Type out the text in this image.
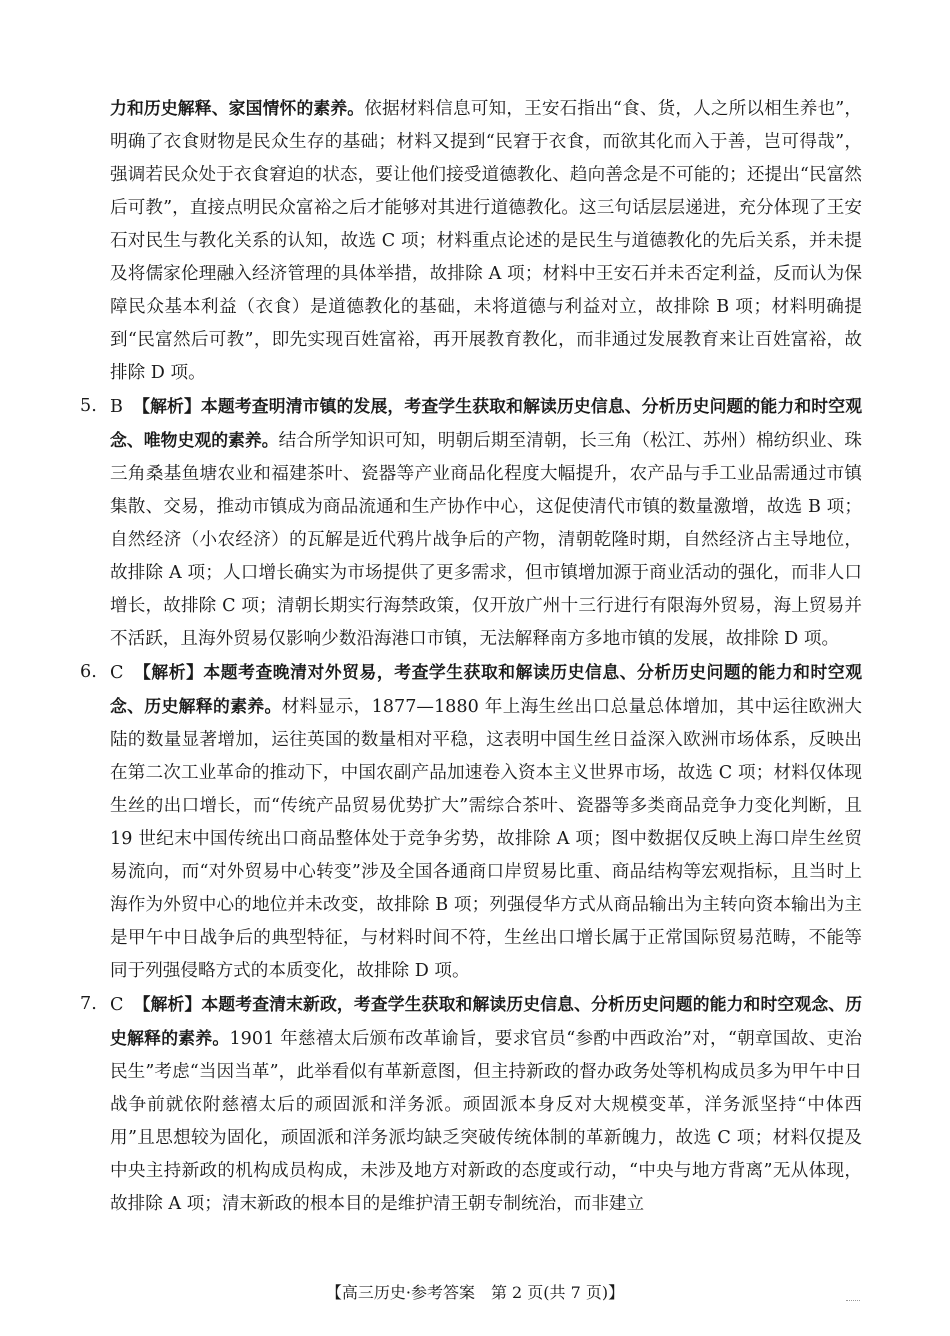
力和历史解释、家国情怀的素养。依据材料信息可知，王安石指出“食、货，人之所以相生养也”，明确了衣食财物是民众生存的基础；材料又提到“民窘于衣食，而欲其化而入于善，岂可得哉”，强调若民众处于衣食窘迫的状态，要让他们接受道德教化、趋向善念是不可能的；还提出“民富然后可教”，直接点明民众富裕之后才能够对其进行道德教化。这三句话层层递进，充分体现了王安石对民生与教化关系的认知，故选 C 项；材料重点论述的是民生与道德教化的先后关系，并未提及将儒家伦理融入经济管理的具体举措，故排除 A 项；材料中王安石并未否定利益，反而认为保障民众基本利益（衣食）是道德教化的基础，未将道德与利益对立，故排除 B 项；材料明确提到“民富然后可教”，即先实现百姓富裕，再开展教育教化，而非通过发展教育来让百姓富裕，故排除 D 项。

5. B 【解析】本题考查明清市镇的发展，考查学生获取和解读历史信息、分析历史问题的能力和时空观念、唯物史观的素养。结合所学知识可知，明朝后期至清朝，长三角（松江、苏州）棉纺织业、珠三角桑基鱼塘农业和福建茶叶、瓷器等产业商品化程度大幅提升，农产品与手工业品需通过市镇集散、交易，推动市镇成为商品流通和生产协作中心，这促使清代市镇的数量激增，故选 B 项；自然经济（小农经济）的瓦解是近代鸦片战争后的产物，清朝乾隆时期，自然经济占主导地位，故排除 A 项；人口增长确实为市场提供了更多需求，但市镇增加源于商业活动的强化，而非人口增长，故排除 C 项；清朝长期实行海禁政策，仅开放广州十三行进行有限海外贸易，海上贸易并不活跃，且海外贸易仅影响少数沿海港口市镇，无法解释南方多地市镇的发展，故排除 D 项。

6. C 【解析】本题考查晚清对外贸易，考查学生获取和解读历史信息、分析历史问题的能力和时空观念、历史解释的素养。材料显示，1877—1880 年上海生丝出口总量总体增加，其中运往欧洲大陆的数量显著增加，运往英国的数量相对平稳，这表明中国生丝日益深入欧洲市场体系，反映出在第二次工业革命的推动下，中国农副产品加速卷入资本主义世界市场，故选 C 项；材料仅体现生丝的出口增长，而“传统产品贸易优势扩大”需综合茶叶、瓷器等多类商品竞争力变化判断，且 19 世纪末中国传统出口商品整体处于竞争劣势，故排除 A 项；图中数据仅反映上海口岸生丝贸易流向，而“对外贸易中心转变”涉及全国各通商口岸贸易比重、商品结构等宏观指标，且当时上海作为外贸中心的地位并未改变，故排除 B 项；列强侵华方式从商品输出为主转向资本输出为主是甲午中日战争后的典型特征，与材料时间不符，生丝出口增长属于正常国际贸易范畴，不能等同于列强侵略方式的本质变化，故排除 D 项。

7. C 【解析】本题考查清末新政，考查学生获取和解读历史信息、分析历史问题的能力和时空观念、历史解释的素养。1901 年慈禧太后颁布改革谕旨，要求官员“参酌中西政治”对，“朝章国故、吏治民生”考虑“当因当革”，此举看似有革新意图，但主持新政的督办政务处等机构成员多为甲午中日战争前就依附慈禧太后的顽固派和洋务派。顽固派本身反对大规模变革，洋务派坚持“中体西用”且思想较为固化，顽固派和洋务派均缺乏突破传统体制的革新魄力，故选 C 项；材料仅提及中央主持新政的机构成员构成，未涉及地方对新政的态度或行动，“中央与地方背离”无从体现，故排除 A 项；清末新政的根本目的是维护清王朝专制统治，而非建立

【高三历史·参考答案　第 2 页(共 7 页)】
